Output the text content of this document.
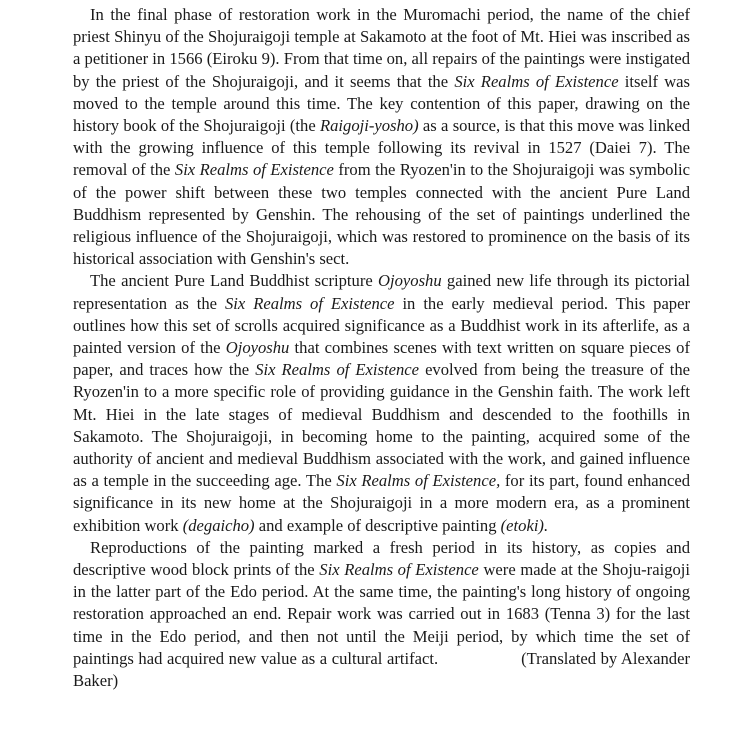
In the final phase of restoration work in the Muromachi period, the name of the chief priest Shinyu of the Shojuraigoji temple at Sakamoto at the foot of Mt. Hiei was inscribed as a petitioner in 1566 (Eiroku 9). From that time on, all repairs of the paintings were instigated by the priest of the Shojuraigoji, and it seems that the Six Realms of Existence itself was moved to the temple around this time. The key contention of this paper, drawing on the history book of the Shojuraigoji (the Raigoji-yosho) as a source, is that this move was linked with the growing influence of this temple following its revival in 1527 (Daiei 7). The removal of the Six Realms of Existence from the Ryozen'in to the Shojuraigoji was symbolic of the power shift between these two temples connected with the ancient Pure Land Buddhism represented by Genshin. The rehousing of the set of paintings underlined the religious influence of the Shojuraigoji, which was restored to prominence on the basis of its historical association with Genshin's sect.

The ancient Pure Land Buddhist scripture Ojoyoshu gained new life through its pictorial representation as the Six Realms of Existence in the early medieval period. This paper outlines how this set of scrolls acquired significance as a Buddhist work in its afterlife, as a painted version of the Ojoyoshu that combines scenes with text written on square pieces of paper, and traces how the Six Realms of Existence evolved from being the treasure of the Ryozen'in to a more specific role of providing guidance in the Genshin faith. The work left Mt. Hiei in the late stages of medieval Buddhism and descended to the foothills in Sakamoto. The Shojuraigoji, in becoming home to the painting, acquired some of the authority of ancient and medieval Buddhism associated with the work, and gained influence as a temple in the succeeding age. The Six Realms of Existence, for its part, found enhanced significance in its new home at the Shojuraigoji in a more modern era, as a prominent exhibition work (degaicho) and example of descriptive painting (etoki).

Reproductions of the painting marked a fresh period in its history, as copies and descriptive wood block prints of the Six Realms of Existence were made at the Shoju-raigoji in the latter part of the Edo period. At the same time, the painting's long history of ongoing restoration approached an end. Repair work was carried out in 1683 (Tenna 3) for the last time in the Edo period, and then not until the Meiji period, by which time the set of paintings had acquired new value as a cultural artifact.     	(Translated by Alexander Baker)
